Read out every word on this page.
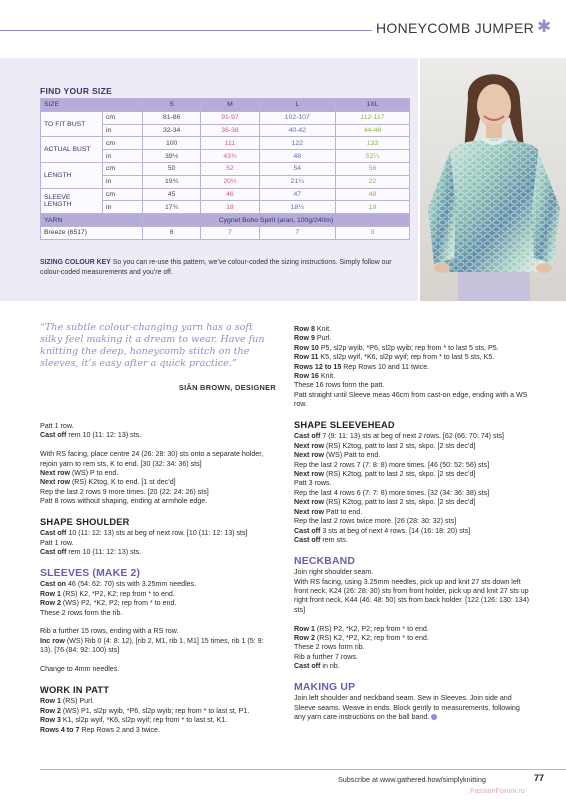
HONEYCOMB JUMPER ✱
FIND YOUR SIZE
SIZE		S	M	L	1XL
TO FIT BUST	cm	81-86	91-97	102-107	112-117
	in	32-34	36-38	40-42	44-46
ACTUAL BUST	cm	100	111	122	133
	in	39½	43¾	48	52¼
LENGTH	cm	50	52	54	56
	in	19¾	20½	21¼	22
SLEEVE LENGTH	cm	45	46	47	48
	in	17¾	18	18½	19
YARN		Cygnet Boho Spirit (aran, 100g/240m)			
Breeze (6517)		6	7	7	8
SIZING COLOUR KEY So you can re-use this pattern, we’ve colour-coded the sizing instructions. Simply follow our colour-coded measurements and you’re off.
“The subtle colour-changing yarn has a soft silky feel making it a dream to wear. Have fun knitting the deep, honeycomb stitch on the sleeves, it’s easy after a quick practice.”
SIÂN BROWN, DESIGNER

Patt 1 row.

Cast off rem 10 (11: 12: 13) sts.

With RS facing, place centre 24 (26: 28: 30) sts onto a separate holder, rejoin yarn to rem sts, K to end. [30 (32: 34: 36) sts]

Next row (WS) P to end.

Next row (RS) K2tog, K to end. [1 st dec’d]

Rep the last 2 rows 9 more times. [20 (22: 24: 26) sts]

Patt 8 rows without shaping, ending at armhole edge.

SHAPE SHOULDER

Cast off 10 (11: 12: 13) sts at beg of next row. [10 (11: 12: 13) sts]

Patt 1 row.

Cast off rem 10 (11: 12: 13) sts.

SLEEVES (MAKE 2)

Cast on 46 (54: 62: 70) sts with 3.25mm needles.

Row 1 (RS) K2, *P2, K2; rep from * to end.

Row 2 (WS) P2, *K2, P2; rep from * to end.

These 2 rows form the rib.

Rib a further 15 rows, ending with a RS row.

Inc row (WS) Rib 0 (4: 8: 12), [rib 2, M1, rib 1, M1] 15 times, rib 1 (5: 9: 13). [76 (84: 92: 100) sts]

Change to 4mm needles.

WORK IN PATT

Row 1 (RS) Purl.

Row 2 (WS) P1, sl2p wyib, *P6, sl2p wyib; rep from * to last st, P1.

Row 3 K1, sl2p wyif, *K6, sl2p wyif; rep from * to last st, K1.

Rows 4 to 7 Rep Rows 2 and 3 twice.

Row 8 Knit.

Row 9 Purl.

Row 10 P5, sl2p wyib, *P6, sl2p wyib; rep from * to last 5 sts, P5.

Row 11 K5, sl2p wyif, *K6, sl2p wyif; rep from * to last 5 sts, K5.

Rows 12 to 15 Rep Rows 10 and 11 twice.

Row 16 Knit.

These 16 rows form the patt.

Patt straight until Sleeve meas 46cm from cast-on edge, ending with a WS row.

SHAPE SLEEVEHEAD

Cast off 7 (9: 11: 13) sts at beg of next 2 rows. [62 (66: 70: 74) sts]

Next row (RS) K2tog, patt to last 2 sts, skpo. [2 sts dec’d]

Next row (WS) Patt to end.

Rep the last 2 rows 7 (7: 8: 8) more times. [46 (50: 52: 56) sts]

Next row (RS) K2tog, patt to last 2 sts, skpo. [2 sts dec’d]

Patt 3 rows.

Rep the last 4 rows 6 (7: 7: 8) more times. [32 (34: 36: 38) sts]

Next row (RS) K2tog, patt to last 2 sts, skpo. [2 sts dec’d]

Next row Patt to end.

Rep the last 2 rows twice more. [26 (28: 30: 32) sts]

Cast off 3 sts at beg of next 4 rows. [14 (16: 18: 20) sts]

Cast off rem sts.

NECKBAND

Join right shoulder seam.

With RS facing, using 3.25mm needles, pick up and knit 27 sts down left front neck, K24 (26: 28: 30) sts from front holder, pick up and knit 27 sts up right front neck, K44 (46: 48: 50) sts from back holder. [122 (126: 130: 134) sts]

Row 1 (RS) P2, *K2, P2; rep from * to end.

Row 2 (RS) K2, *P2, K2; rep from * to end.

These 2 rows form rib.

Rib a further 7 rows.

Cast off in rib.

MAKING UP

Join left shoulder and neckband seam. Sew in Sleeves. Join side and Sleeve seams. Weave in ends. Block gently to measurements, following any yarn care instructions on the ball band.

Subscribe at www.gathered.how/simplyknitting	77
PassionForum.ru
